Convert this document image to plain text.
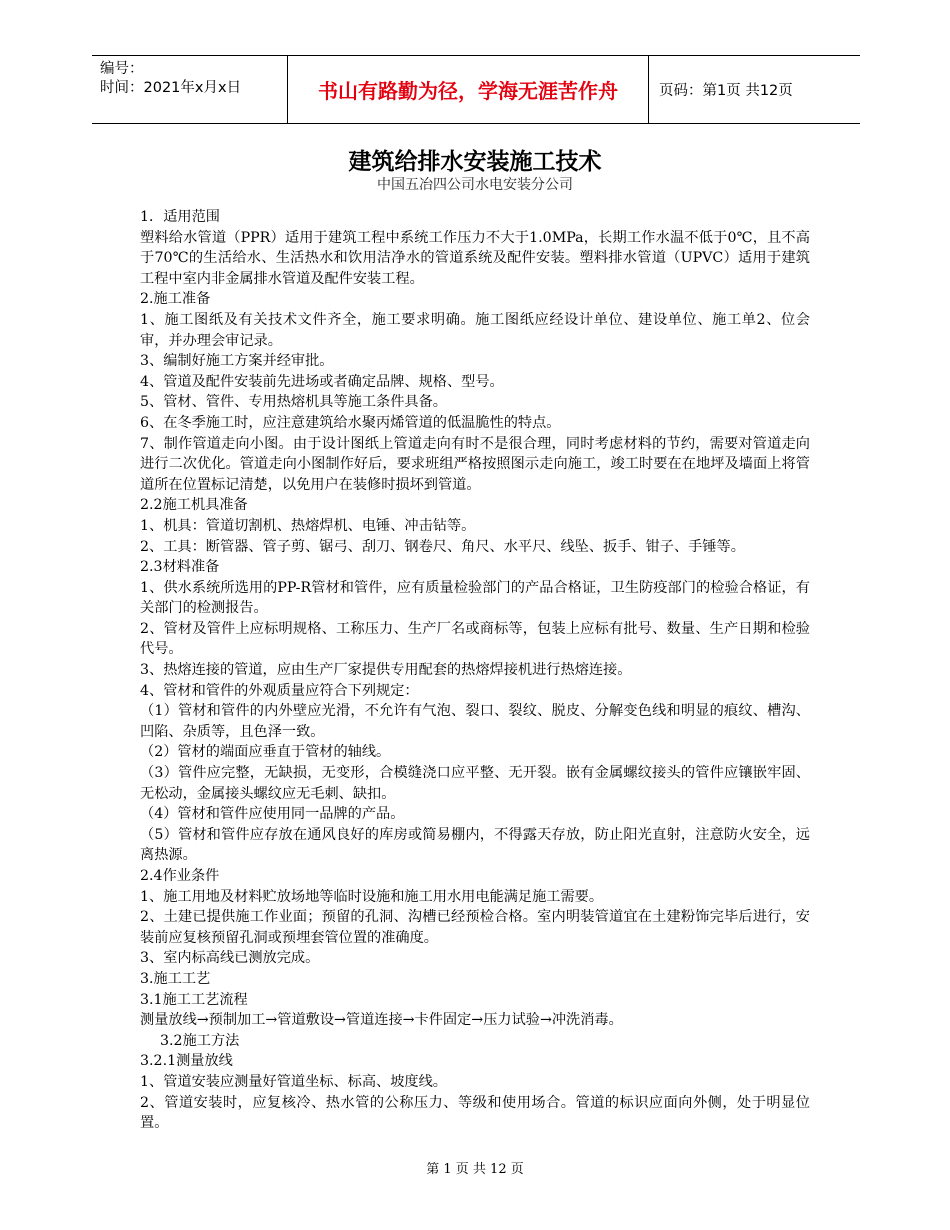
编号：
时间：2021年x月x日	书山有路勤为径，学海无涯苦作舟	页码：第1页 共12页
建筑给排水安装施工技术
中国五冶四公司水电安装分公司

1．适用范围

塑料给水管道（PPR）适用于建筑工程中系统工作压力不大于1.0MPa，长期工作水温不低于0℃，且不高于70℃的生活给水、生活热水和饮用洁净水的管道系统及配件安装。塑料排水管道（UPVC）适用于建筑工程中室内非金属排水管道及配件安装工程。

2.施工准备

1、施工图纸及有关技术文件齐全，施工要求明确。施工图纸应经设计单位、建设单位、施工单2、位会审，并办理会审记录。

3、编制好施工方案并经审批。

4、管道及配件安装前先进场或者确定品牌、规格、型号。

5、管材、管件、专用热熔机具等施工条件具备。

6、在冬季施工时，应注意建筑给水聚丙烯管道的低温脆性的特点。

7、制作管道走向小图。由于设计图纸上管道走向有时不是很合理，同时考虑材料的节约，需要对管道走向进行二次优化。管道走向小图制作好后，要求班组严格按照图示走向施工，竣工时要在在地坪及墙面上将管道所在位置标记清楚，以免用户在装修时损坏到管道。

2.2施工机具准备

1、机具：管道切割机、热熔焊机、电锤、冲击钻等。

2、工具：断管器、管子剪、锯弓、刮刀、钢卷尺、角尺、水平尺、线坠、扳手、钳子、手锤等。

2.3材料准备

1、供水系统所选用的PP-R管材和管件，应有质量检验部门的产品合格证，卫生防疫部门的检验合格证，有关部门的检测报告。

2、管材及管件上应标明规格、工称压力、生产厂名或商标等，包装上应标有批号、数量、生产日期和检验代号。

3、热熔连接的管道，应由生产厂家提供专用配套的热熔焊接机进行热熔连接。

4、管材和管件的外观质量应符合下列规定：

（1）管材和管件的内外壁应光滑，不允许有气泡、裂口、裂纹、脱皮、分解变色线和明显的痕纹、槽沟、凹陷、杂质等，且色泽一致。

（2）管材的端面应垂直于管材的轴线。

（3）管件应完整，无缺损，无变形，合模缝浇口应平整、无开裂。嵌有金属螺纹接头的管件应镶嵌牢固、无松动，金属接头螺纹应无毛刺、缺扣。

（4）管材和管件应使用同一品牌的产品。

（5）管材和管件应存放在通风良好的库房或简易棚内，不得露天存放，防止阳光直射，注意防火安全，远离热源。

2.4作业条件

1、施工用地及材料贮放场地等临时设施和施工用水用电能满足施工需要。

2、土建已提供施工作业面；预留的孔洞、沟槽已经预检合格。室内明装管道宜在土建粉饰完毕后进行，安装前应复核预留孔洞或预埋套管位置的准确度。

3、室内标高线已测放完成。

3.施工工艺

3.1施工工艺流程

测量放线→预制加工→管道敷设→管道连接→卡件固定→压力试验→冲洗消毒。

3.2施工方法

3.2.1测量放线

1、管道安装应测量好管道坐标、标高、坡度线。

2、管道安装时，应复核冷、热水管的公称压力、等级和使用场合。管道的标识应面向外侧，处于明显位置。

第 1 页 共 12 页
